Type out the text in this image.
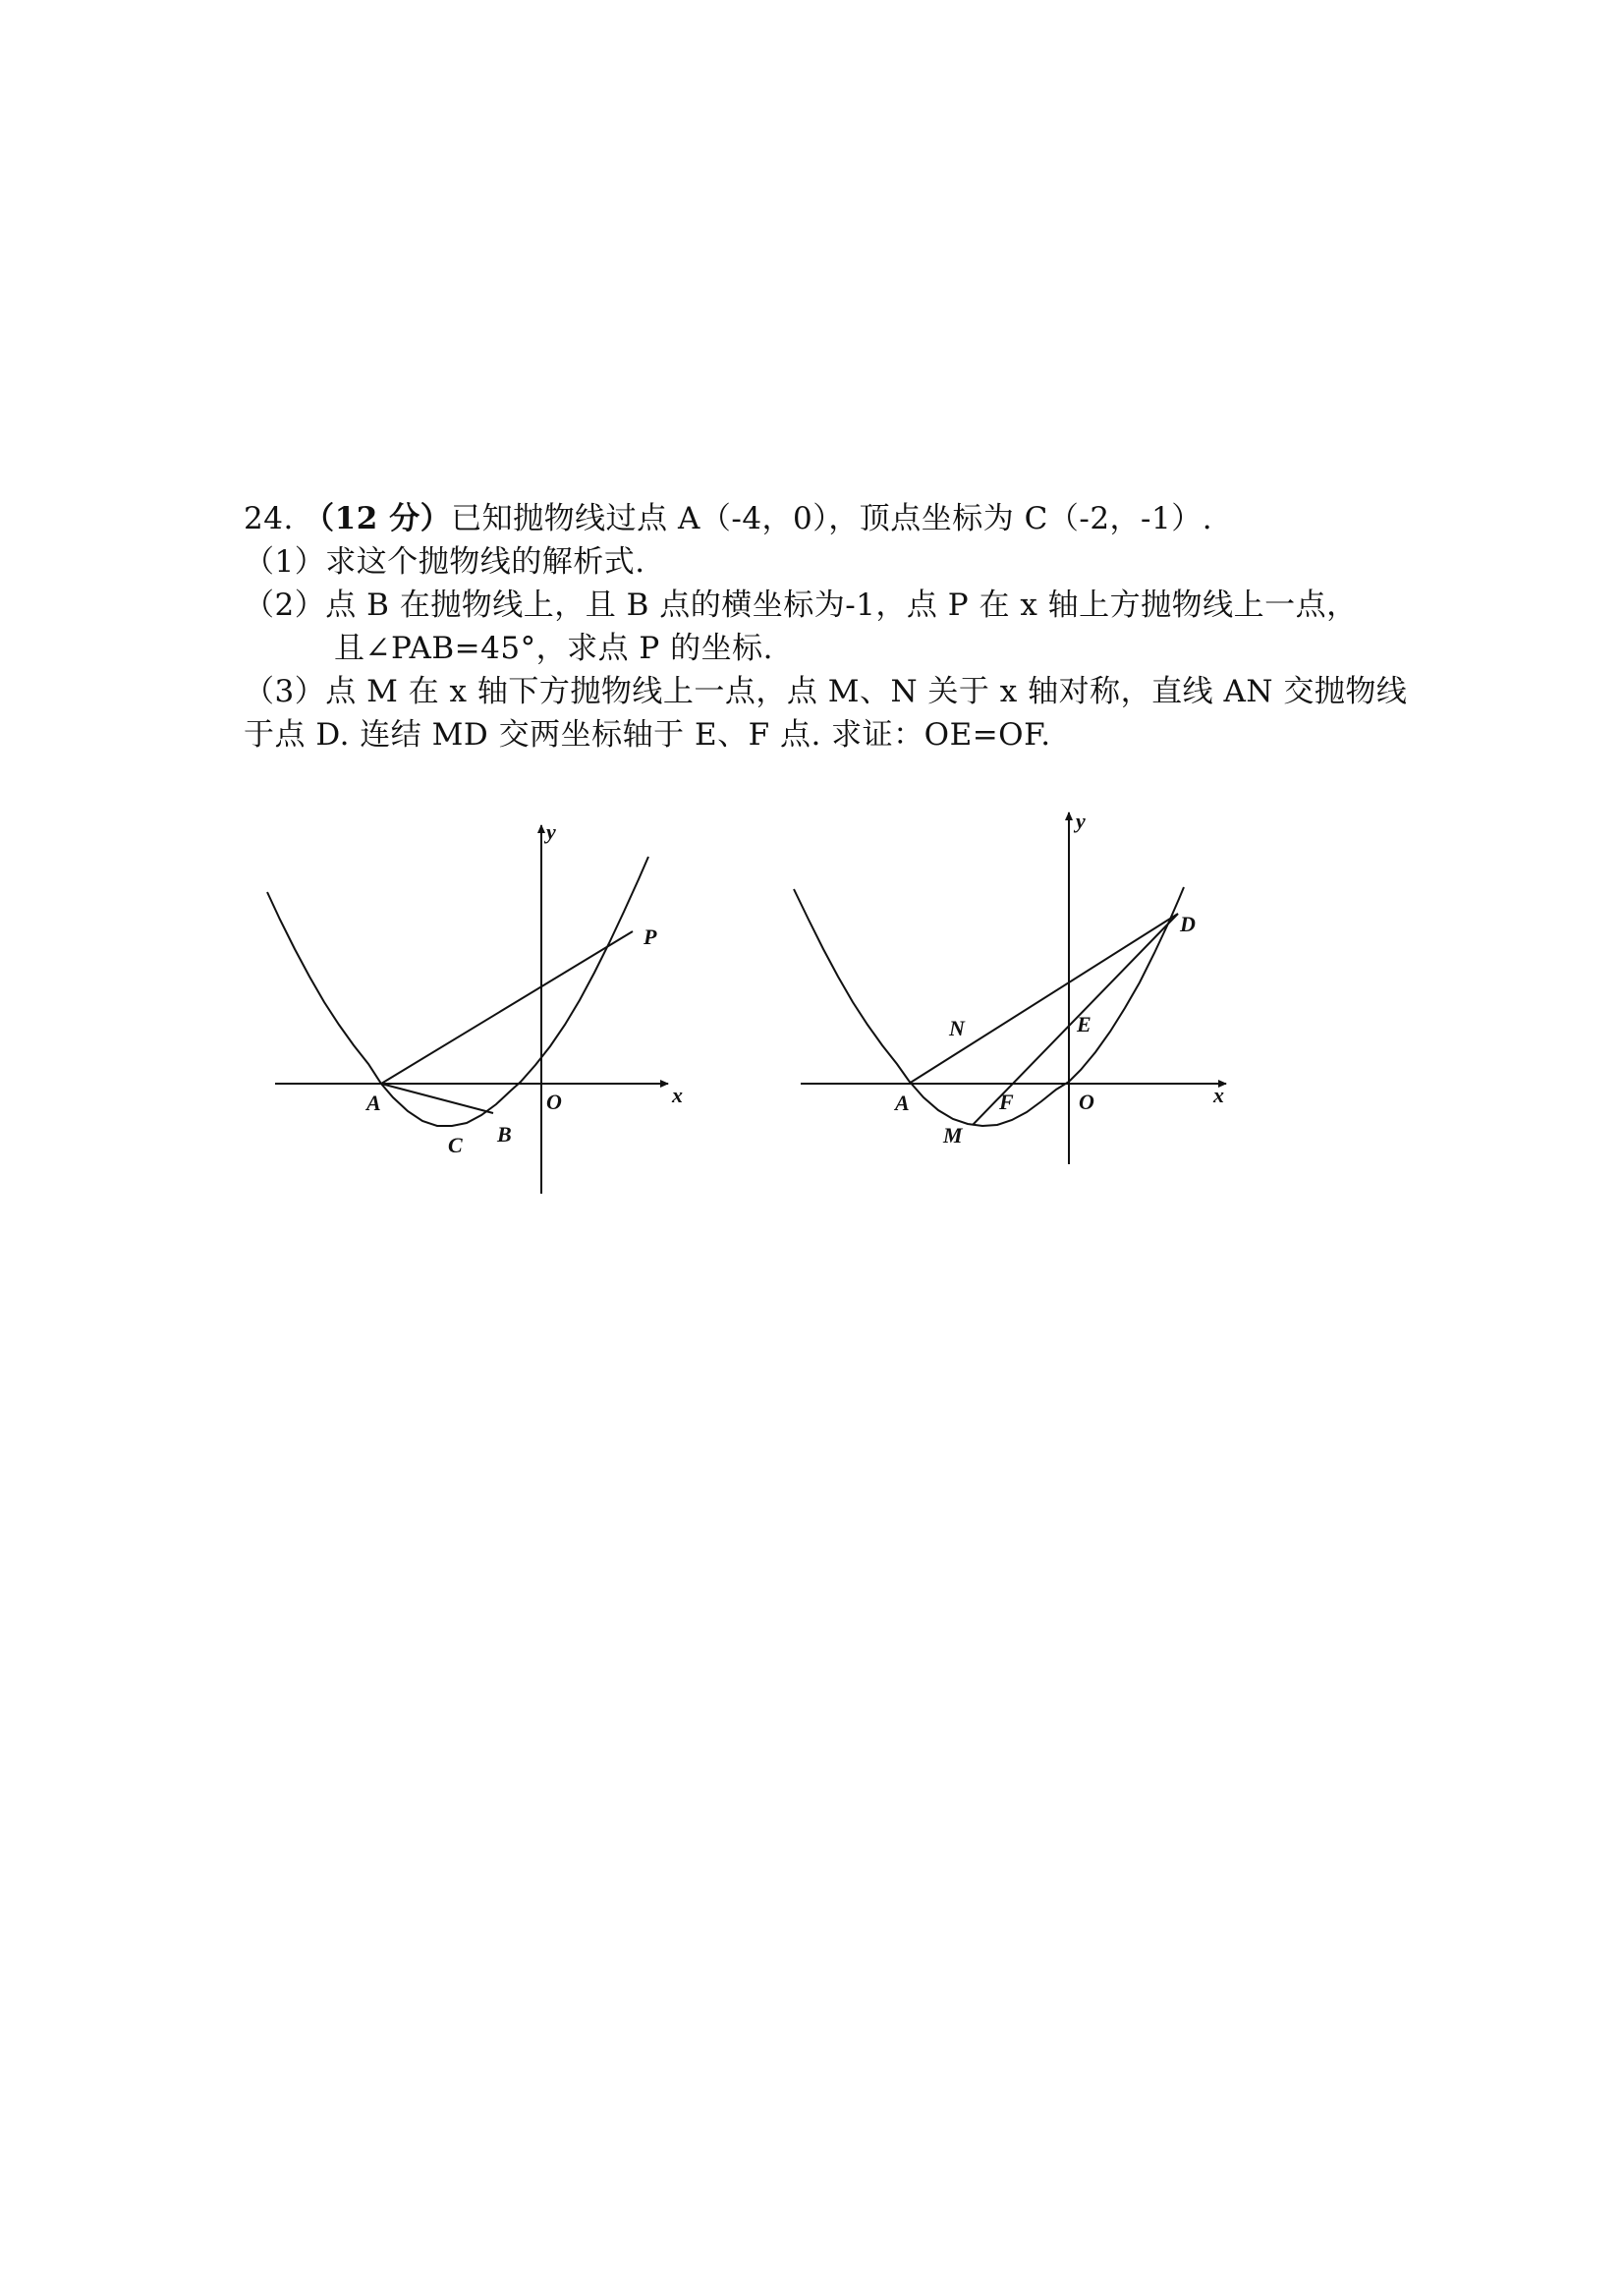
24. （12 分）已知抛物线过点 A（-4，0），顶点坐标为 C（-2，-1）.
（1）求这个抛物线的解析式.
（2）点 B 在抛物线上，且 B 点的横坐标为-1，点 P 在 x 轴上方抛物线上一点，
且∠PAB=45°，求点 P 的坐标.
（3）点 M 在 x 轴下方抛物线上一点，点 M、N 关于 x 轴对称，直线 AN 交抛物线
于点 D. 连结 MD 交两坐标轴于 E、F 点. 求证：OE=OF.
y
x
P
A	O
C B
y
x
D
N	E
A	F	O
M
